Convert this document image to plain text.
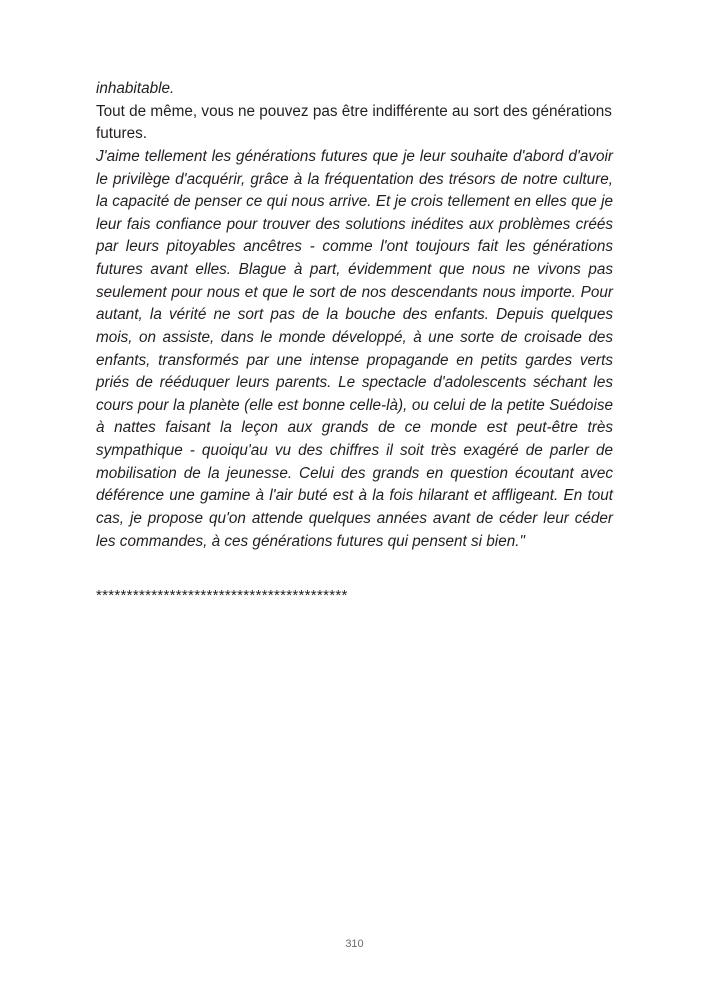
inhabitable.

Tout de même, vous ne pouvez pas être indifférente au sort des générations futures.

J'aime tellement les générations futures que je leur souhaite d'abord d'avoir le privilège d'acquérir, grâce à la fréquentation des trésors de notre culture, la capacité de penser ce qui nous arrive. Et je crois tellement en elles que je leur fais confiance pour trouver des solutions inédites aux problèmes créés par leurs pitoyables ancêtres - comme l'ont toujours fait les générations futures avant elles. Blague à part, évidemment que nous ne vivons pas seulement pour nous et que le sort de nos descendants nous importe. Pour autant, la vérité ne sort pas de la bouche des enfants. Depuis quelques mois, on assiste, dans le monde développé, à une sorte de croisade des enfants, transformés par une intense propagande en petits gardes verts priés de rééduquer leurs parents. Le spectacle d'adolescents séchant les cours pour la planète (elle est bonne celle-là), ou celui de la petite Suédoise à nattes faisant la leçon aux grands de ce monde est peut-être très sympathique - quoiqu'au vu des chiffres il soit très exagéré de parler de mobilisation de la jeunesse. Celui des grands en question écoutant avec déférence une gamine à l'air buté est à la fois hilarant et affligeant. En tout cas, je propose qu'on attende quelques années avant de céder leur céder les commandes, à ces générations futures qui pensent si bien."

*****************************************
310
